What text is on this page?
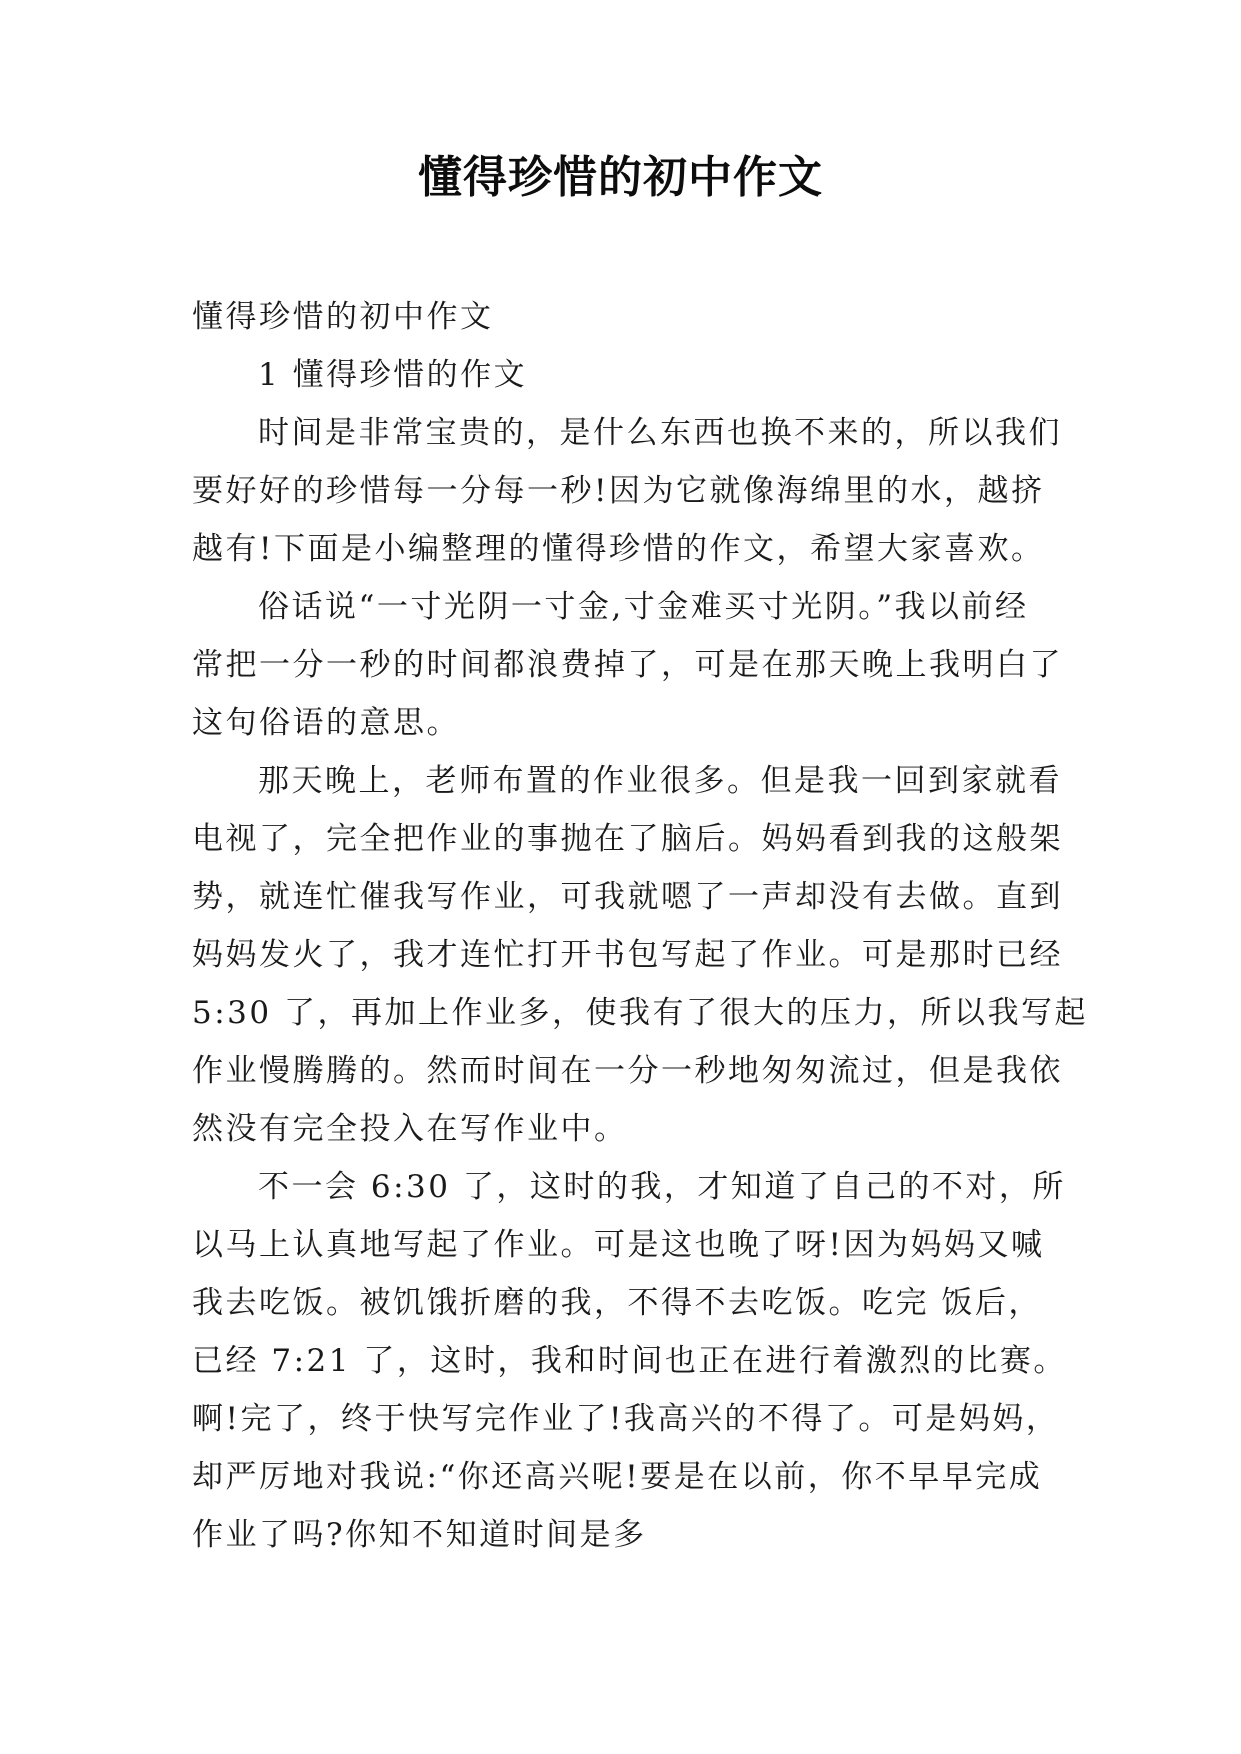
懂得珍惜的初中作文
懂得珍惜的初中作文
1 懂得珍惜的作文
时间是非常宝贵的，是什么东西也换不来的，所以我们
要好好的珍惜每一分每一秒!因为它就像海绵里的水，越挤
越有!下面是小编整理的懂得珍惜的作文，希望大家喜欢。
俗话说“一寸光阴一寸金,寸金难买寸光阴。”我以前经
常把一分一秒的时间都浪费掉了，可是在那天晚上我明白了
这句俗语的意思。
那天晚上，老师布置的作业很多。但是我一回到家就看
电视了，完全把作业的事抛在了脑后。妈妈看到我的这般架
势，就连忙催我写作业，可我就嗯了一声却没有去做。直到
妈妈发火了，我才连忙打开书包写起了作业。可是那时已经
5:30 了，再加上作业多，使我有了很大的压力，所以我写起
作业慢腾腾的。然而时间在一分一秒地匆匆流过，但是我依
然没有完全投入在写作业中。
不一会 6:30 了，这时的我，才知道了自己的不对，所
以马上认真地写起了作业。可是这也晚了呀!因为妈妈又喊
我去吃饭。被饥饿折磨的我，不得不去吃饭。吃完 饭后，
已经 7:21 了，这时，我和时间也正在进行着激烈的比赛。
啊!完了，终于快写完作业了!我高兴的不得了。可是妈妈，
却严厉地对我说:“你还高兴呢!要是在以前，你不早早完成
作业了吗?你知不知道时间是多
